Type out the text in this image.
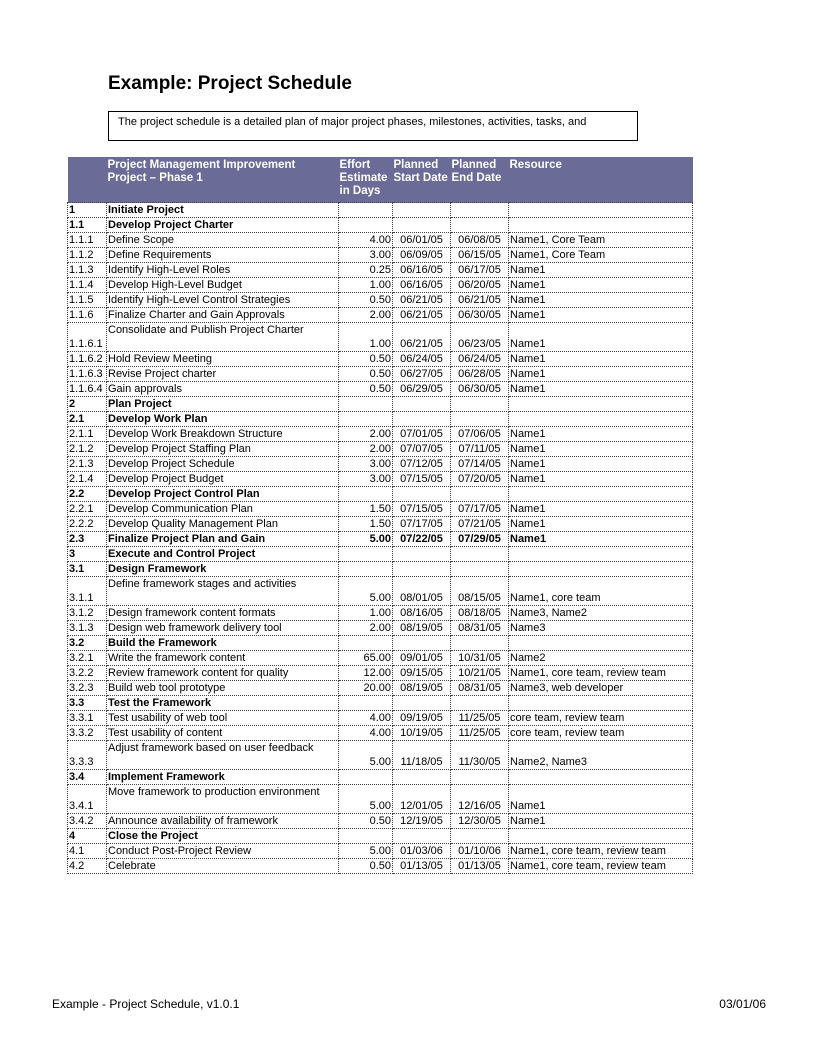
Example: Project Schedule
The project schedule is a detailed plan of major project phases, milestones, activities, tasks, and
	Project Management Improvement Project – Phase 1	Effort Estimate in Days	Planned Start Date	Planned End Date	Resource
1	Initiate Project				
1.1	Develop Project Charter				
1.1.1	Define Scope	4.00	06/01/05	06/08/05	Name1, Core Team
1.1.2	Define Requirements	3.00	06/09/05	06/15/05	Name1, Core Team
1.1.3	Identify High-Level Roles	0.25	06/16/05	06/17/05	Name1
1.1.4	Develop High-Level Budget	1.00	06/16/05	06/20/05	Name1
1.1.5	Identify High-Level Control Strategies	0.50	06/21/05	06/21/05	Name1
1.1.6	Finalize Charter and Gain Approvals	2.00	06/21/05	06/30/05	Name1
1.1.6.1	Consolidate and Publish Project Charter	1.00	06/21/05	06/23/05	Name1
1.1.6.2	Hold Review Meeting	0.50	06/24/05	06/24/05	Name1
1.1.6.3	Revise Project charter	0.50	06/27/05	06/28/05	Name1
1.1.6.4	Gain approvals	0.50	06/29/05	06/30/05	Name1
2	Plan Project				
2.1	Develop Work Plan				
2.1.1	Develop Work Breakdown Structure	2.00	07/01/05	07/06/05	Name1
2.1.2	Develop Project Staffing Plan	2.00	07/07/05	07/11/05	Name1
2.1.3	Develop Project Schedule	3.00	07/12/05	07/14/05	Name1
2.1.4	Develop Project Budget	3.00	07/15/05	07/20/05	Name1
2.2	Develop Project Control Plan				
2.2.1	Develop Communication Plan	1.50	07/15/05	07/17/05	Name1
2.2.2	Develop Quality Management Plan	1.50	07/17/05	07/21/05	Name1
2.3	Finalize Project Plan and Gain	5.00	07/22/05	07/29/05	Name1
3	Execute and Control Project				
3.1	Design Framework				
3.1.1	Define framework stages and activities	5.00	08/01/05	08/15/05	Name1, core team
3.1.2	Design framework content formats	1.00	08/16/05	08/18/05	Name3, Name2
3.1.3	Design web framework delivery tool	2.00	08/19/05	08/31/05	Name3
3.2	Build the Framework				
3.2.1	Write the framework content	65.00	09/01/05	10/31/05	Name2
3.2.2	Review framework content for quality	12.00	09/15/05	10/21/05	Name1, core team, review team
3.2.3	Build web tool prototype	20.00	08/19/05	08/31/05	Name3, web developer
3.3	Test the Framework				
3.3.1	Test usability of web tool	4.00	09/19/05	11/25/05	core team, review team
3.3.2	Test usability of content	4.00	10/19/05	11/25/05	core team, review team
3.3.3	Adjust framework based on user feedback	5.00	11/18/05	11/30/05	Name2, Name3
3.4	Implement Framework				
3.4.1	Move framework to production environment	5.00	12/01/05	12/16/05	Name1
3.4.2	Announce availability of framework	0.50	12/19/05	12/30/05	Name1
4	Close the Project				
4.1	Conduct Post-Project Review	5.00	01/03/06	01/10/06	Name1, core team, review team
4.2	Celebrate	0.50	01/13/05	01/13/05	Name1, core team, review team
Example - Project Schedule, v1.0.1	03/01/06
